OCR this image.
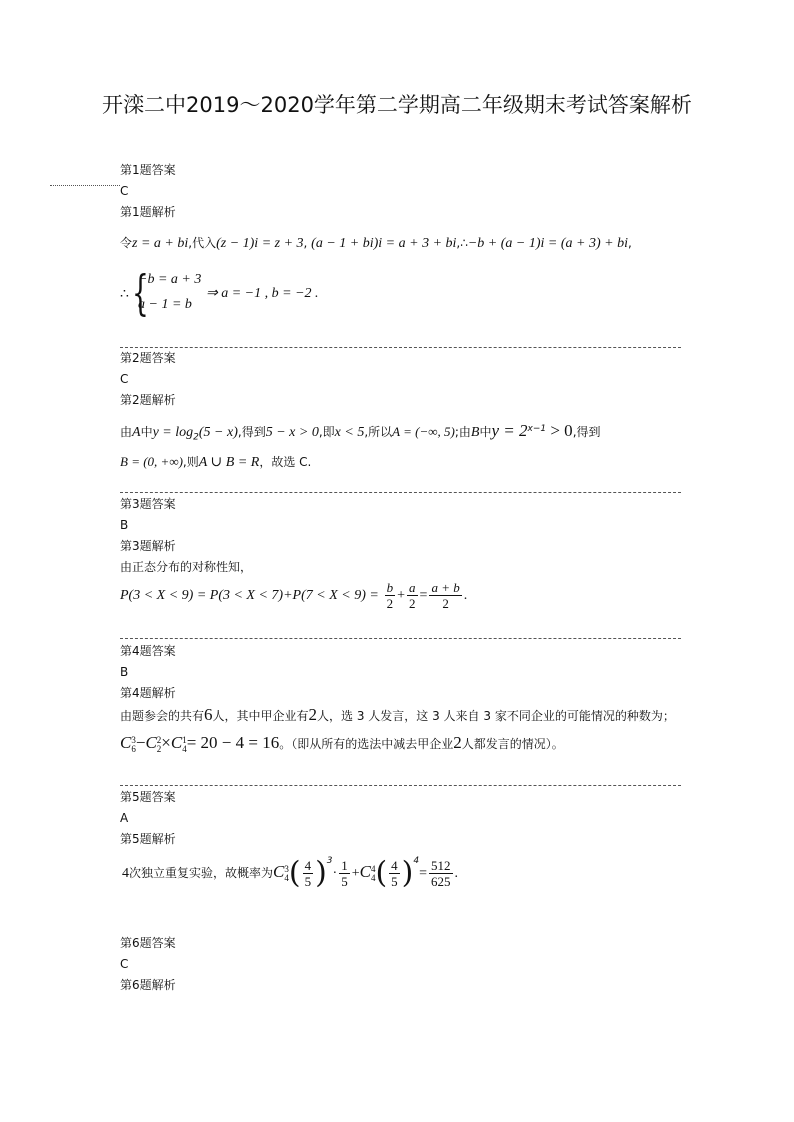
开滦二中2019～2020学年第二学期高二年级期末考试答案解析
第1题答案
C
第1题解析
令z = a + bi,代入(z − 1)i = z + 3, (a − 1 + bi)i = a + 3 + bi,∴−b + (a − 1)i = (a + 3) + bi,
∴ {
−b = a + 3
a − 1 = b
⇒ a = −1 , b = −2 .
第2题答案
C
第2题解析
由A中$y = \log_2(5 - x)$,得到5 − x > 0,即x < 5,所以A = (−∞, 5);由B中$y = 2^{x-1} > 0$,得到
B = (0, +∞),则A ∪ B = R，故选 C.
第3题答案
B
第3题解析
由正态分布的对称性知，
$P(3 < X < 9) = P(3 < X < 7)+P(7 < X < 9) = \frac{b}{2} + \frac{a}{2} = \frac{a + b}{2}$ .
第4题答案
B
第4题解析
由题参会的共有6人，其中甲企业有2人，选 3 人发言，这 3 人来自 3 家不同企业的可能情况的种数为；
C 3
6 −C 2
2 ×C 1
4 = 20 − 4 = 16。（即从所有的选法中减去甲企业2人都发言的情况）。
第5题答案
A
第5题解析
4次独立重复实验，故概率为C 3
4 ( $\frac{4}{5} )^3\cdot \frac{1}{5} +C$ 4
4 ( $\frac{4}{5} )^4= \frac{512}{625}$ .
第6题答案
C
第6题解析
